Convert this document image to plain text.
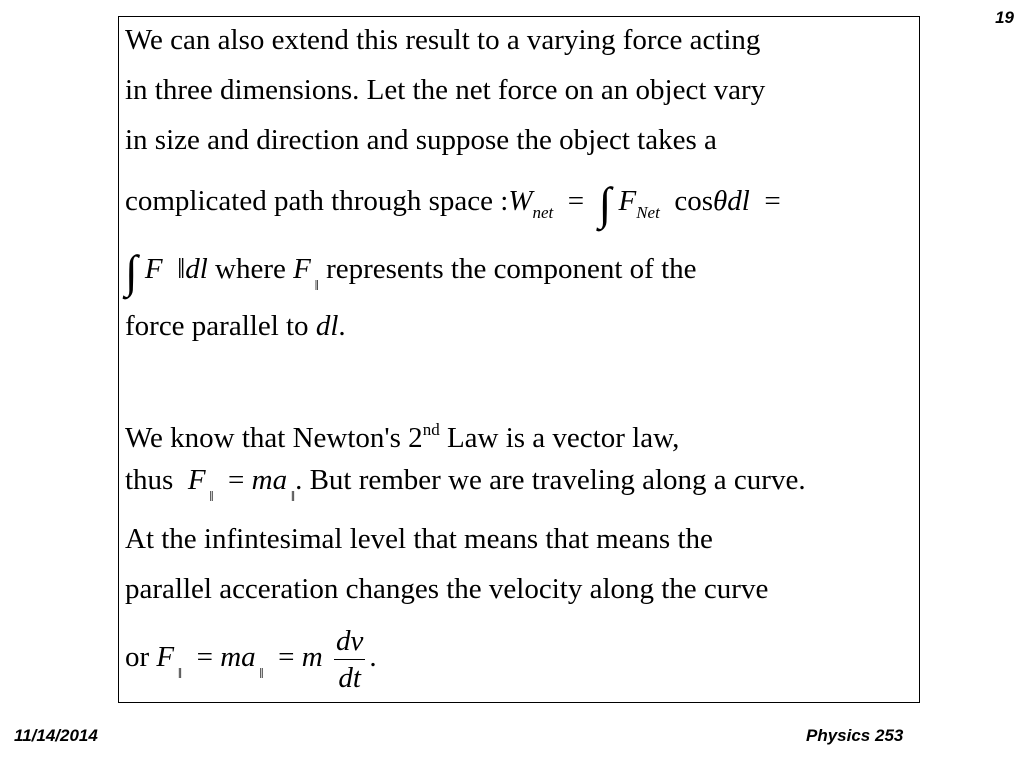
19
We can also extend this result to a varying force acting
in three dimensions. Let the net force on an object vary
in size and direction and suppose the object takes a
complicated path through space $:W_{net}$  =  ∫ $F_{Net}$ cosθdl  =
∫ F  ‖dl where F $_‖$ represents the component of the
force parallel to dl.
We know that Newton's 2nd Law is a vector law,
thus F $_‖$  = ma $_‖$. But rember we are traveling along a curve.
At the infintesimal level that means that means the
parallel acceration changes the velocity along the curve
or F $_‖$  = ma $_‖$  = m $\frac{dv}{dt}$ .
11/14/2014	Physics 253
